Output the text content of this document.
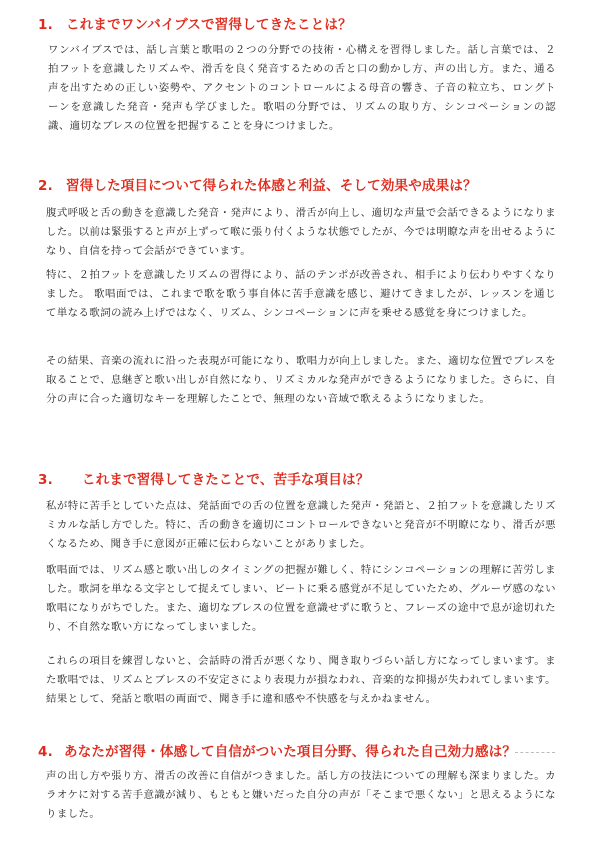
1. これまでワンバイブスで習得してきたことは？

ワンバイブスでは、話し言葉と歌唱の２つの分野での技術・心構えを習得しました。話し言葉では、２拍フットを意識したリズムや、滑舌を良く発音するための舌と口の動かし方、声の出し方。また、通る声を出すための正しい姿勢や、アクセントのコントロールによる母音の響き、子音の粒立ち、ロングトーンを意識した発音・発声も学びました。歌唱の分野では、リズムの取り方、シンコペーションの認識、適切なブレスの位置を把握することを身につけました。

2. 習得した項目について得られた体感と利益、そして効果や成果は？

腹式呼吸と舌の動きを意識した発音・発声により、滑舌が向上し、適切な声量で会話できるようになりました。以前は緊張すると声が上ずって喉に張り付くような状態でしたが、今では明瞭な声を出せるようになり、自信を持って会話ができています。

特に、２拍フットを意識したリズムの習得により、話のテンポが改善され、相手により伝わりやすくなりました。 歌唱面では、これまで歌を歌う事自体に苦手意識を感じ、避けてきましたが、レッスンを通じて単なる歌詞の読み上げではなく、リズム、シンコペーションに声を乗せる感覚を身につけました。

その結果、音楽の流れに沿った表現が可能になり、歌唱力が向上しました。また、適切な位置でブレスを取ることで、息継ぎと歌い出しが自然になり、リズミカルな発声ができるようになりました。さらに、自分の声に合った適切なキーを理解したことで、無理のない音域で歌えるようになりました。

3. これまで習得してきたことで、苦手な項目は？

私が特に苦手としていた点は、発話面での舌の位置を意識した発声・発語と、２拍フットを意識したリズミカルな話し方でした。特に、舌の動きを適切にコントロールできないと発音が不明瞭になり、滑舌が悪くなるため、聞き手に意図が正確に伝わらないことがありました。

歌唱面では、リズム感と歌い出しのタイミングの把握が難しく、特にシンコペーションの理解に苦労しました。歌詞を単なる文字として捉えてしまい、ビートに乗る感覚が不足していたため、グルーヴ感のない歌唱になりがちでした。また、適切なブレスの位置を意識せずに歌うと、フレーズの途中で息が途切れたり、不自然な歌い方になってしまいました。

これらの項目を練習しないと、会話時の滑舌が悪くなり、聞き取りづらい話し方になってしまいます。また歌唱では、リズムとブレスの不安定さにより表現力が損なわれ、音楽的な抑揚が失われてしまいます。結果として、発話と歌唱の両面で、聞き手に違和感や不快感を与えかねません。

4. あなたが習得・体感して自信がついた項目分野、得られた自己効力感は？

声の出し方や張り方、滑舌の改善に自信がつきました。話し方の技法についての理解も深まりました。カラオケに対する苦手意識が減り、もともと嫌いだった自分の声が「そこまで悪くない」と思えるようになりました。
